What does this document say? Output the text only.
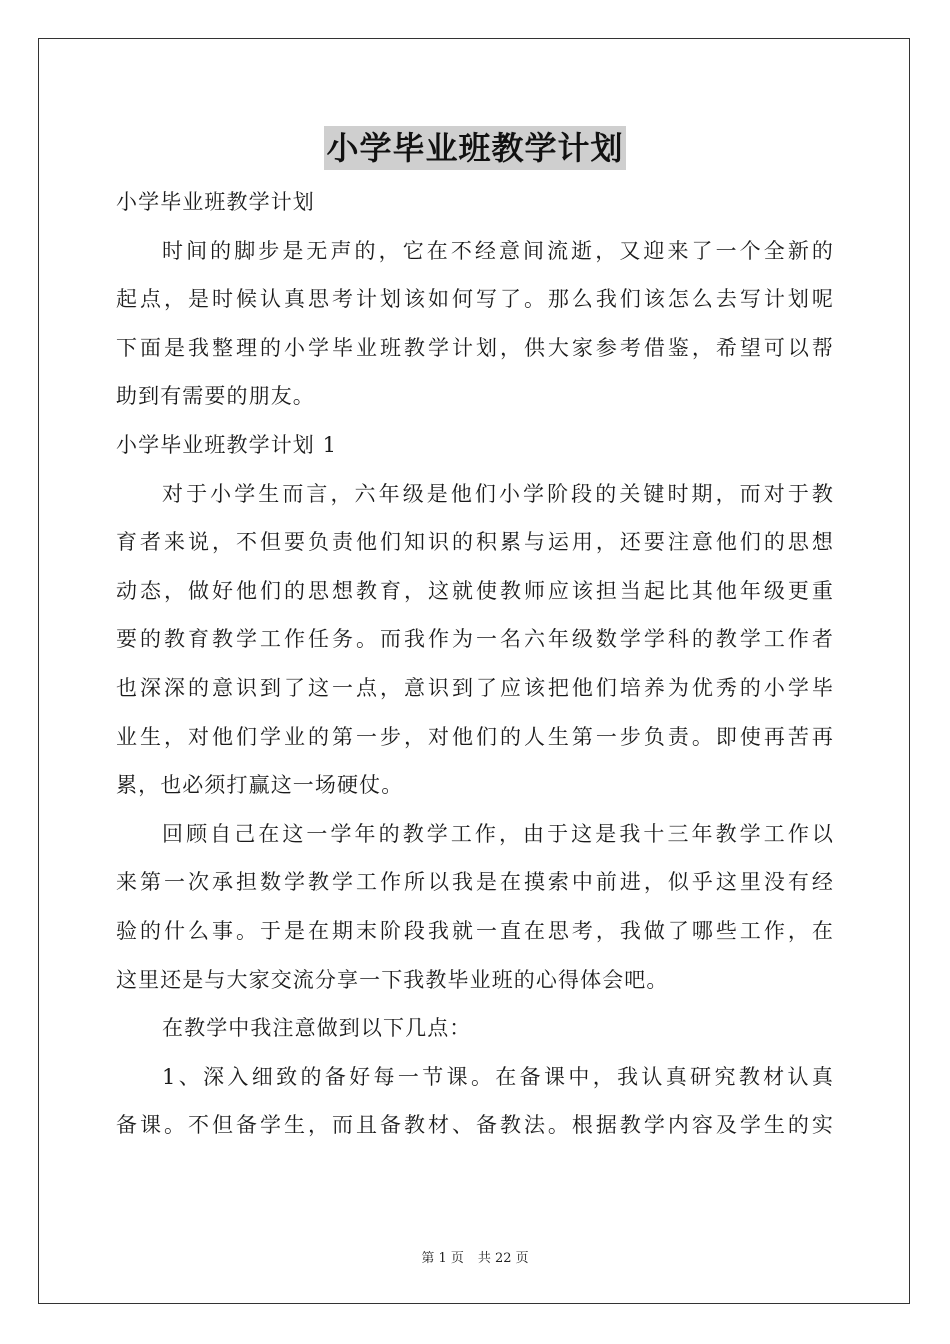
小学毕业班教学计划
小学毕业班教学计划
时间的脚步是无声的，它在不经意间流逝，又迎来了一个全新的
起点，是时候认真思考计划该如何写了。那么我们该怎么去写计划呢
下面是我整理的小学毕业班教学计划，供大家参考借鉴，希望可以帮
助到有需要的朋友。
小学毕业班教学计划 1
对于小学生而言，六年级是他们小学阶段的关键时期，而对于教
育者来说，不但要负责他们知识的积累与运用，还要注意他们的思想
动态，做好他们的思想教育，这就使教师应该担当起比其他年级更重
要的教育教学工作任务。而我作为一名六年级数学学科的教学工作者
也深深的意识到了这一点，意识到了应该把他们培养为优秀的小学毕
业生，对他们学业的第一步，对他们的人生第一步负责。即使再苦再
累，也必须打赢这一场硬仗。
回顾自己在这一学年的教学工作，由于这是我十三年教学工作以
来第一次承担数学教学工作所以我是在摸索中前进，似乎这里没有经
验的什么事。于是在期末阶段我就一直在思考，我做了哪些工作，在
这里还是与大家交流分享一下我教毕业班的心得体会吧。
在教学中我注意做到以下几点：
1、深入细致的备好每一节课。在备课中，我认真研究教材认真
备课。不但备学生，而且备教材、备教法。根据教学内容及学生的实
第 1 页 共 22 页
